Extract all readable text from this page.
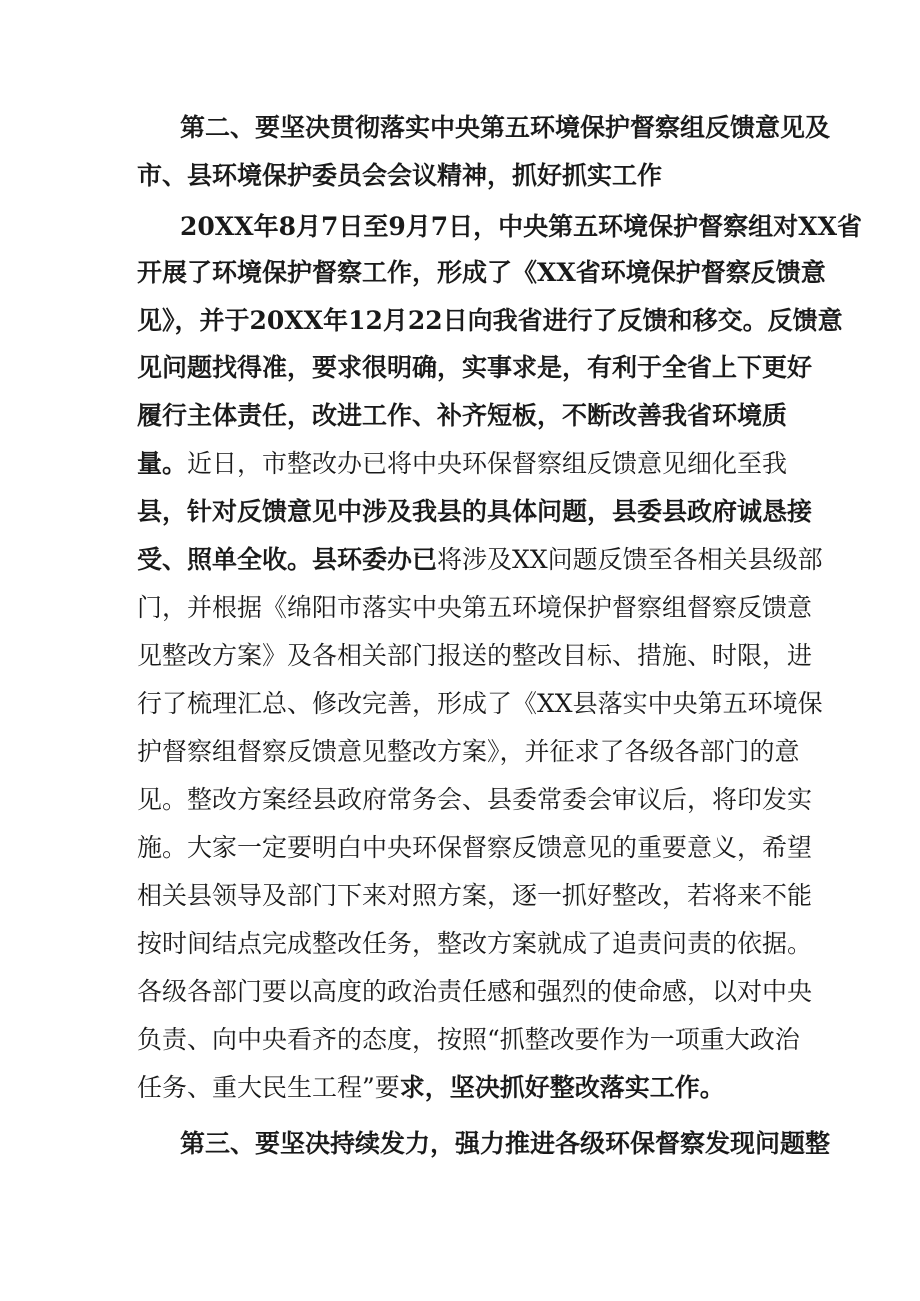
第二、要坚决贯彻落实中央第五环境保护督察组反馈意见及
市、县环境保护委员会会议精神，抓好抓实工作
20XX年8月7日至9月7日，中央第五环境保护督察组对XX省
开展了环境保护督察工作，形成了《XX省环境保护督察反馈意
见》，并于20XX年12月22日向我省进行了反馈和移交。反馈意
见问题找得准，要求很明确，实事求是，有利于全省上下更好
履行主体责任，改进工作、补齐短板，不断改善我省环境质
量。近日，市整改办已将中央环保督察组反馈意见细化至我
县，针对反馈意见中涉及我县的具体问题，县委县政府诚恳接
受、照单全收。县环委办已将涉及XX问题反馈至各相关县级部
门，并根据《绵阳市落实中央第五环境保护督察组督察反馈意
见整改方案》及各相关部门报送的整改目标、措施、时限，进
行了梳理汇总、修改完善，形成了《XX县落实中央第五环境保
护督察组督察反馈意见整改方案》，并征求了各级各部门的意
见。整改方案经县政府常务会、县委常委会审议后，将印发实
施。大家一定要明白中央环保督察反馈意见的重要意义，希望
相关县领导及部门下来对照方案，逐一抓好整改，若将来不能
按时间结点完成整改任务，整改方案就成了追责问责的依据。
各级各部门要以高度的政治责任感和强烈的使命感，以对中央
负责、向中央看齐的态度，按照“抓整改要作为一项重大政治
任务、重大民生工程”要求，坚决抓好整改落实工作。
第三、要坚决持续发力，强力推进各级环保督察发现问题整
